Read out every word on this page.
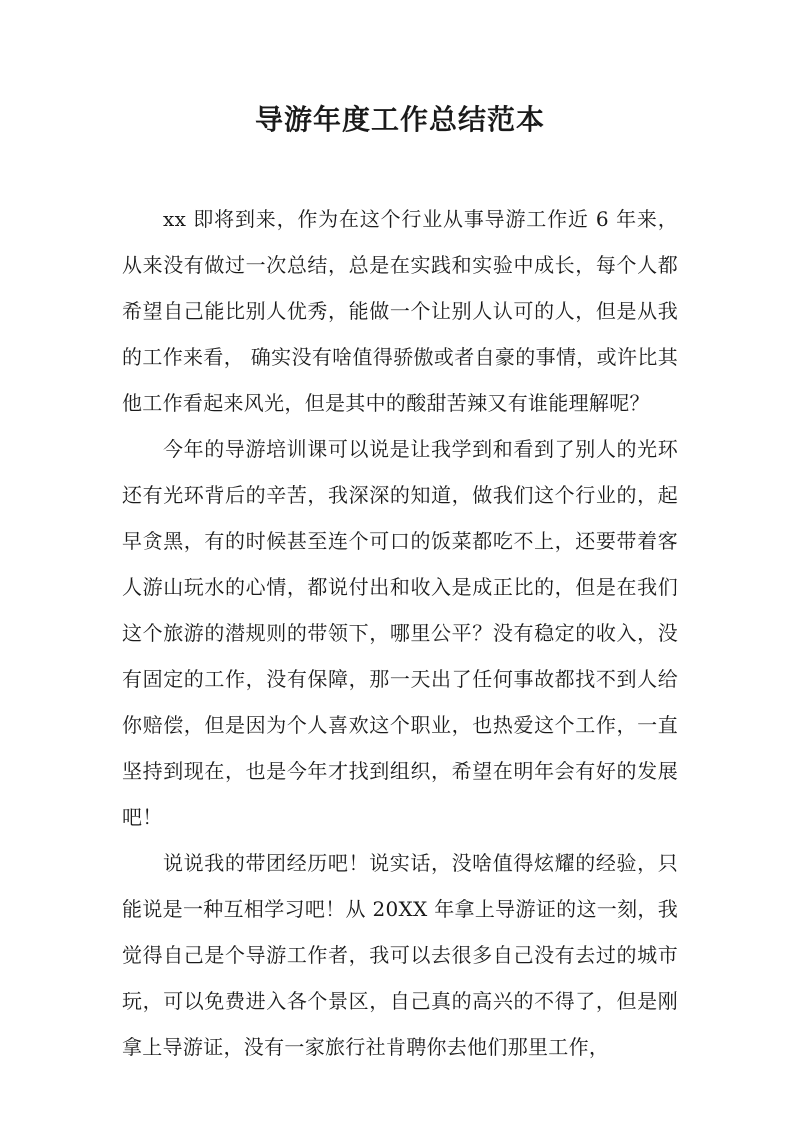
导游年度工作总结范本

xx 即将到来，作为在这个行业从事导游工作近 6 年来，从来没有做过一次总结，总是在实践和实验中成长，每个人都希望自己能比别人优秀，能做一个让别人认可的人，但是从我的工作来看， 确实没有啥值得骄傲或者自豪的事情，或许比其他工作看起来风光，但是其中的酸甜苦辣又有谁能理解呢？

今年的导游培训课可以说是让我学到和看到了别人的光环还有光环背后的辛苦，我深深的知道，做我们这个行业的，起早贪黑，有的时候甚至连个可口的饭菜都吃不上，还要带着客人游山玩水的心情，都说付出和收入是成正比的，但是在我们这个旅游的潜规则的带领下，哪里公平？没有稳定的收入，没有固定的工作，没有保障，那一天出了任何事故都找不到人给你赔偿，但是因为个人喜欢这个职业，也热爱这个工作，一直坚持到现在，也是今年才找到组织，希望在明年会有好的发展吧！

说说我的带团经历吧！说实话，没啥值得炫耀的经验，只能说是一种互相学习吧！从 20XX 年拿上导游证的这一刻，我觉得自己是个导游工作者，我可以去很多自己没有去过的城市玩，可以免费进入各个景区，自己真的高兴的不得了，但是刚拿上导游证，没有一家旅行社肯聘你去他们那里工作，
